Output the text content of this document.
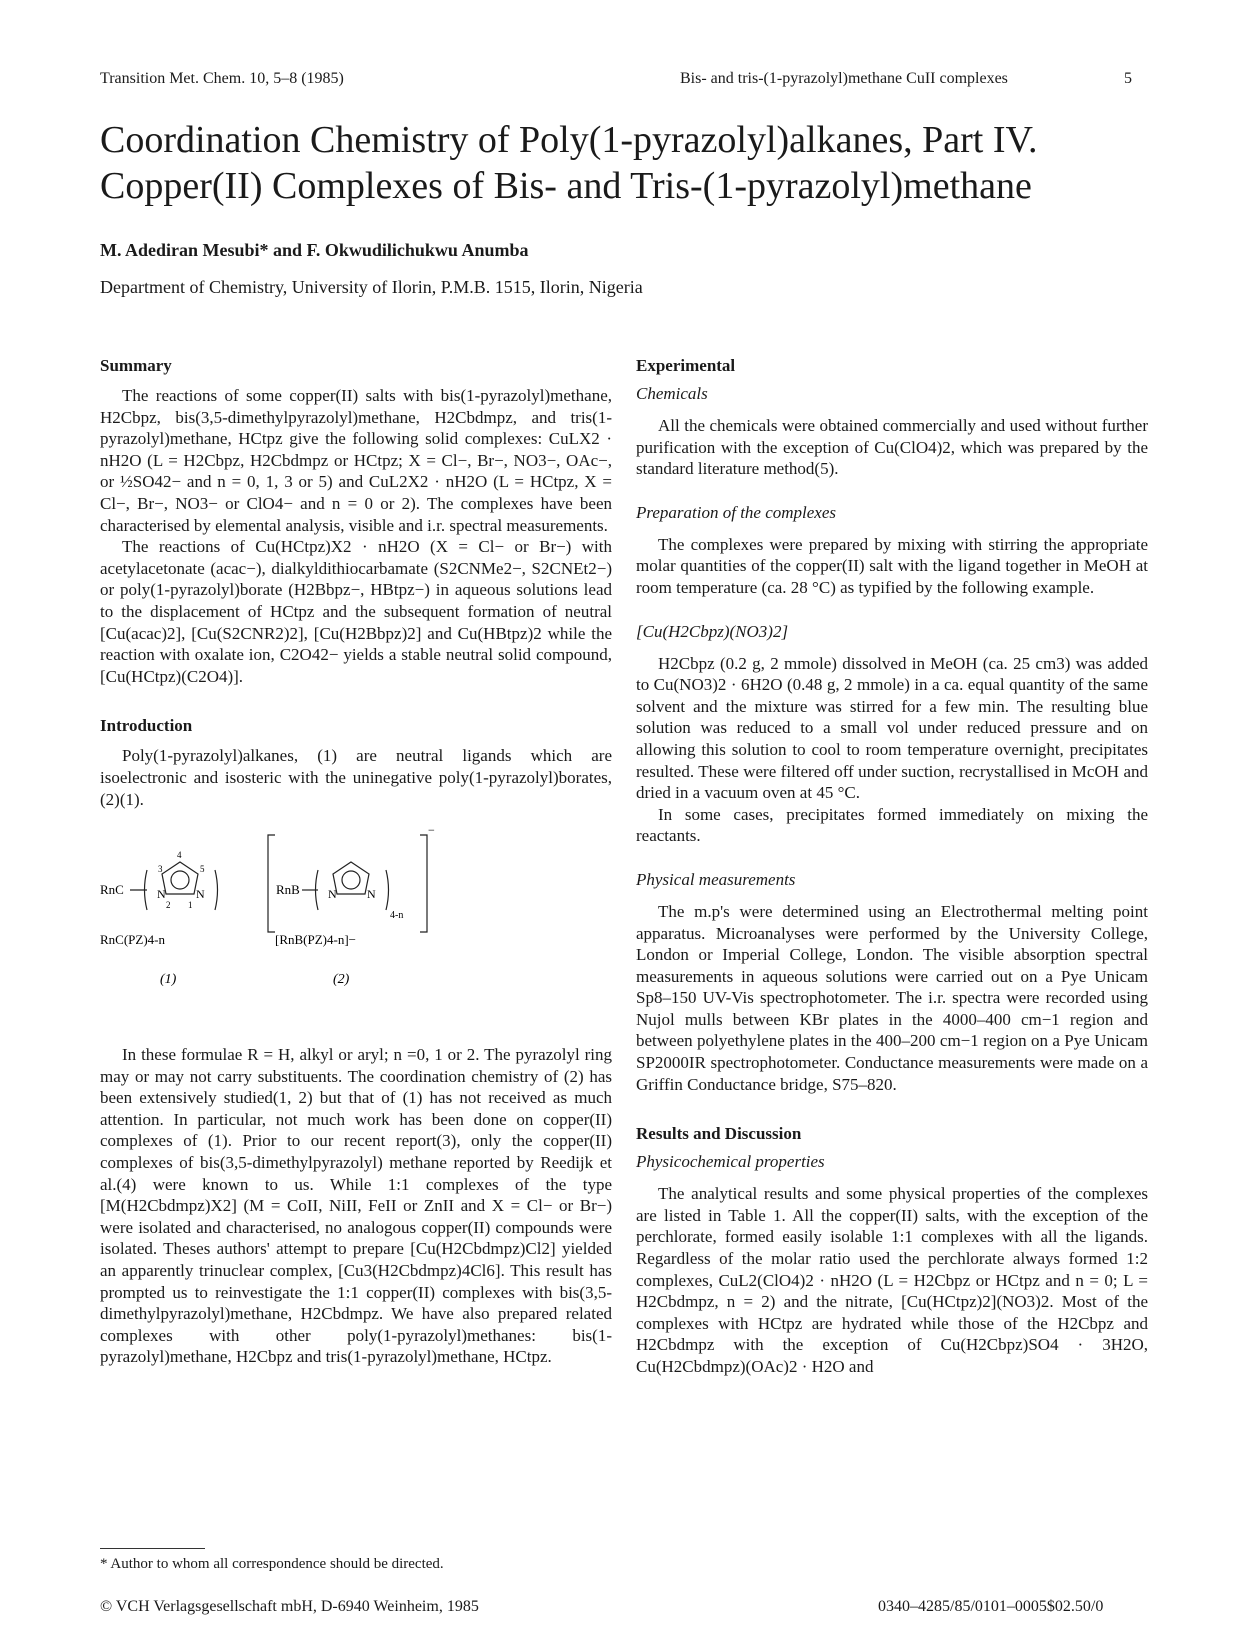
Transition Met. Chem. 10, 5–8 (1985)	Bis- and tris-(1-pyrazolyl)methane CuII complexes	5
Coordination Chemistry of Poly(1-pyrazolyl)alkanes, Part IV.
Copper(II) Complexes of Bis- and Tris-(1-pyrazolyl)methane
M. Adediran Mesubi* and F. Okwudilichukwu Anumba
Department of Chemistry, University of Ilorin, P.M.B. 1515, Ilorin, Nigeria
Summary

The reactions of some copper(II) salts with bis(1-pyrazolyl)methane, H2Cbpz, bis(3,5-dimethylpyrazolyl)methane, H2Cbdmpz, and tris(1-pyrazolyl)methane, HCtpz give the following solid complexes: CuLX2 · nH2O (L = H2Cbpz, H2Cbdmpz or HCtpz; X = Cl−, Br−, NO3−, OAc−, or ½SO42− and n = 0, 1, 3 or 5) and CuL2X2 · nH2O (L = HCtpz, X = Cl−, Br−, NO3− or ClO4− and n = 0 or 2). The complexes have been characterised by elemental analysis, visible and i.r. spectral measurements.

The reactions of Cu(HCtpz)X2 · nH2O (X = Cl− or Br−) with acetylacetonate (acac−), dialkyldithiocarbamate (S2CNMe2−, S2CNEt2−) or poly(1-pyrazolyl)borate (H2Bbpz−, HBtpz−) in aqueous solutions lead to the displacement of HCtpz and the subsequent formation of neutral [Cu(acac)2], [Cu(S2CNR2)2], [Cu(H2Bbpz)2] and Cu(HBtpz)2 while the reaction with oxalate ion, C2O42− yields a stable neutral solid compound, [Cu(HCtpz)(C2O4)].

Introduction

Poly(1-pyrazolyl)alkanes, (1) are neutral ligands which are isoelectronic and isosteric with the uninegative poly(1-pyrazolyl)borates, (2)(1).

RnC	N	N
4
3	5
2 1
RnC(PZ)4-n
(1)
RnB N	N
4-n
−
[RnB(PZ)4-n]−
(2)

In these formulae R = H, alkyl or aryl; n =0, 1 or 2. The pyrazolyl ring may or may not carry substituents. The coordination chemistry of (2) has been extensively studied(1, 2) but that of (1) has not received as much attention. In particular, not much work has been done on copper(II) complexes of (1). Prior to our recent report(3), only the copper(II) complexes of bis(3,5-dimethylpyrazolyl) methane reported by Reedijk et al.(4) were known to us. While 1:1 complexes of the type [M(H2Cbdmpz)X2] (M = CoII, NiII, FeII or ZnII and X = Cl− or Br−) were isolated and characterised, no analogous copper(II) compounds were isolated. Theses authors' attempt to prepare [Cu(H2Cbdmpz)Cl2] yielded an apparently trinuclear complex, [Cu3(H2Cbdmpz)4Cl6]. This result has prompted us to reinvestigate the 1:1 copper(II) complexes with bis(3,5-dimethylpyrazolyl)methane, H2Cbdmpz. We have also prepared related complexes with other poly(1-pyrazolyl)methanes: bis(1-pyrazolyl)methane, H2Cbpz and tris(1-pyrazolyl)methane, HCtpz.

* Author to whom all correspondence should be directed.
Experimental
Chemicals

All the chemicals were obtained commercially and used without further purification with the exception of Cu(ClO4)2, which was prepared by the standard literature method(5).

Preparation of the complexes

The complexes were prepared by mixing with stirring the appropriate molar quantities of the copper(II) salt with the ligand together in MeOH at room temperature (ca. 28 °C) as typified by the following example.

[Cu(H2Cbpz)(NO3)2]

H2Cbpz (0.2 g, 2 mmole) dissolved in MeOH (ca. 25 cm3) was added to Cu(NO3)2 · 6H2O (0.48 g, 2 mmole) in a ca. equal quantity of the same solvent and the mixture was stirred for a few min. The resulting blue solution was reduced to a small vol under reduced pressure and on allowing this solution to cool to room temperature overnight, precipitates resulted. These were filtered off under suction, recrystallised in McOH and dried in a vacuum oven at 45 °C.

In some cases, precipitates formed immediately on mixing the reactants.

Physical measurements

The m.p's were determined using an Electrothermal melting point apparatus. Microanalyses were performed by the University College, London or Imperial College, London. The visible absorption spectral measurements in aqueous solutions were carried out on a Pye Unicam Sp8–150 UV-Vis spectrophotometer. The i.r. spectra were recorded using Nujol mulls between KBr plates in the 4000–400 cm−1 region and between polyethylene plates in the 400–200 cm−1 region on a Pye Unicam SP2000IR spectrophotometer. Conductance measurements were made on a Griffin Conductance bridge, S75–820.

Results and Discussion
Physicochemical properties

The analytical results and some physical properties of the complexes are listed in Table 1. All the copper(II) salts, with the exception of the perchlorate, formed easily isolable 1:1 complexes with all the ligands. Regardless of the molar ratio used the perchlorate always formed 1:2 complexes, CuL2(ClO4)2 · nH2O (L = H2Cbpz or HCtpz and n = 0; L = H2Cbdmpz, n = 2) and the nitrate, [Cu(HCtpz)2](NO3)2. Most of the complexes with HCtpz are hydrated while those of the H2Cbpz and H2Cbdmpz with the exception of Cu(H2Cbpz)SO4 · 3H2O, Cu(H2Cbdmpz)(OAc)2 · H2O and

© VCH Verlagsgesellschaft mbH, D-6940 Weinheim, 1985	0340–4285/85/0101–0005$02.50/0
